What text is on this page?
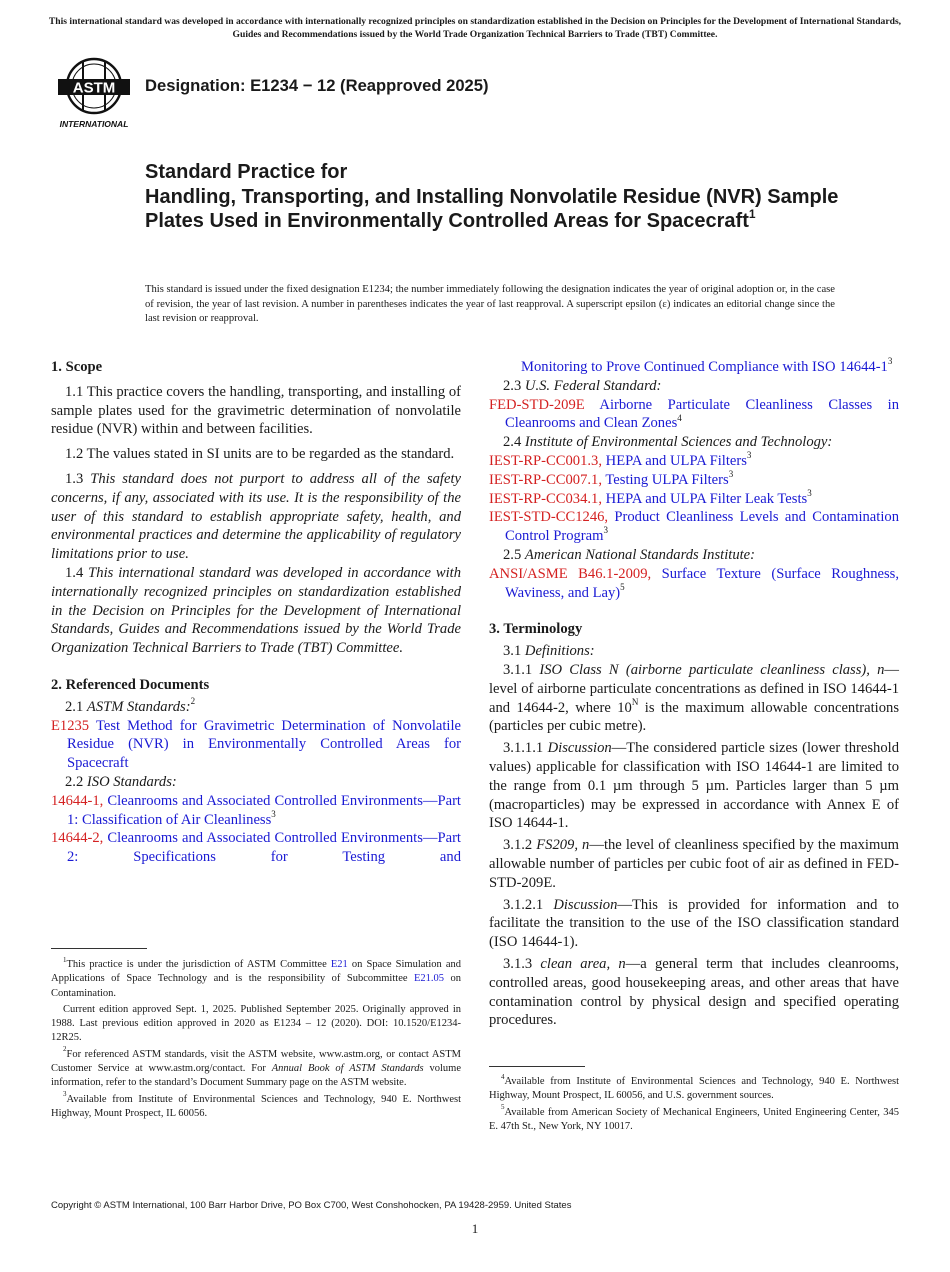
This international standard was developed in accordance with internationally recognized principles on standardization established in the Decision on Principles for the Development of International Standards, Guides and Recommendations issued by the World Trade Organization Technical Barriers to Trade (TBT) Committee.
ASTM
INTERNATIONAL
Designation: E1234 − 12 (Reapproved 2025)
Standard Practice for
Handling, Transporting, and Installing Nonvolatile Residue (NVR) Sample Plates Used in Environmentally Controlled Areas for Spacecraft$^1$
This standard is issued under the fixed designation E1234; the number immediately following the designation indicates the year of original adoption or, in the case of revision, the year of last revision. A number in parentheses indicates the year of last reapproval. A superscript epsilon (ε) indicates an editorial change since the last revision or reapproval.

1. Scope

1.1 This practice covers the handling, transporting, and installing of sample plates used for the gravimetric determination of nonvolatile residue (NVR) within and between facilities.

1.2 The values stated in SI units are to be regarded as the standard.

1.3 This standard does not purport to address all of the safety concerns, if any, associated with its use. It is the responsibility of the user of this standard to establish appropriate safety, health, and environmental practices and determine the applicability of regulatory limitations prior to use.

1.4 This international standard was developed in accordance with internationally recognized principles on standardization established in the Decision on Principles for the Development of International Standards, Guides and Recommendations issued by the World Trade Organization Technical Barriers to Trade (TBT) Committee.

2. Referenced Documents

2.1 ASTM Standards:$^2$

E1235 Test Method for Gravimetric Determination of Nonvolatile Residue (NVR) in Environmentally Controlled Areas for Spacecraft

2.2 ISO Standards:

14644-1, Cleanrooms and Associated Controlled Environments—Part 1: Classification of Air Cleanliness$^3$

14644-2, Cleanrooms and Associated Controlled Environments—Part 2: Specifications for Testing and

$^1$This practice is under the jurisdiction of ASTM Committee E21 on Space Simulation and Applications of Space Technology and is the responsibility of Subcommittee E21.05 on Contamination.

Current edition approved Sept. 1, 2025. Published September 2025. Originally approved in 1988. Last previous edition approved in 2020 as E1234 – 12 (2020). DOI: 10.1520/E1234-12R25.

$^2$For referenced ASTM standards, visit the ASTM website, www.astm.org, or contact ASTM Customer Service at www.astm.org/contact. For Annual Book of ASTM Standards volume information, refer to the standard’s Document Summary page on the ASTM website.

$^3$Available from Institute of Environmental Sciences and Technology, 940 E. Northwest Highway, Mount Prospect, IL 60056.

Monitoring to Prove Continued Compliance with ISO $14644-1^3$

2.3 U.S. Federal Standard:

FED-STD-209E Airborne Particulate Cleanliness Classes in Cleanrooms and Clean Zones$^4$

2.4 Institute of Environmental Sciences and Technology:

IEST-RP-CC001.3, HEPA and ULPA Filters$^3$

IEST-RP-CC007.1, Testing ULPA Filters$^3$

IEST-RP-CC034.1, HEPA and ULPA Filter Leak Tests$^3$

IEST-STD-CC1246, Product Cleanliness Levels and Contamination Control Program$^3$

2.5 American National Standards Institute:

ANSI/ASME B46.1-2009, Surface Texture (Surface Roughness, Waviness, and Lay)$^5$

3. Terminology

3.1 Definitions:

3.1.1 ISO Class N (airborne particulate cleanliness class), n—level of airborne particulate concentrations as defined in ISO 14644-1 and 14644-2, where $10^N$ is the maximum allowable concentrations (particles per cubic metre).

3.1.1.1 Discussion—The considered particle sizes (lower threshold values) applicable for classification with ISO 14644-1 are limited to the range from 0.1 µm through 5 µm. Particles larger than 5 µm (macroparticles) may be expressed in accordance with Annex E of ISO 14644-1.

3.1.2 FS209, n—the level of cleanliness specified by the maximum allowable number of particles per cubic foot of air as defined in FED-STD-209E.

3.1.2.1 Discussion—This is provided for information and to facilitate the transition to the use of the ISO classification standard (ISO 14644-1).

3.1.3 clean area, n—a general term that includes cleanrooms, controlled areas, good housekeeping areas, and other areas that have contamination control by physical design and specified operating procedures.

$^4$Available from Institute of Environmental Sciences and Technology, 940 E. Northwest Highway, Mount Prospect, IL 60056, and U.S. government sources.

$^5$Available from American Society of Mechanical Engineers, United Engineering Center, 345 E. 47th St., New York, NY 10017.

Copyright © ASTM International, 100 Barr Harbor Drive, PO Box C700, West Conshohocken, PA 19428-2959. United States
1
